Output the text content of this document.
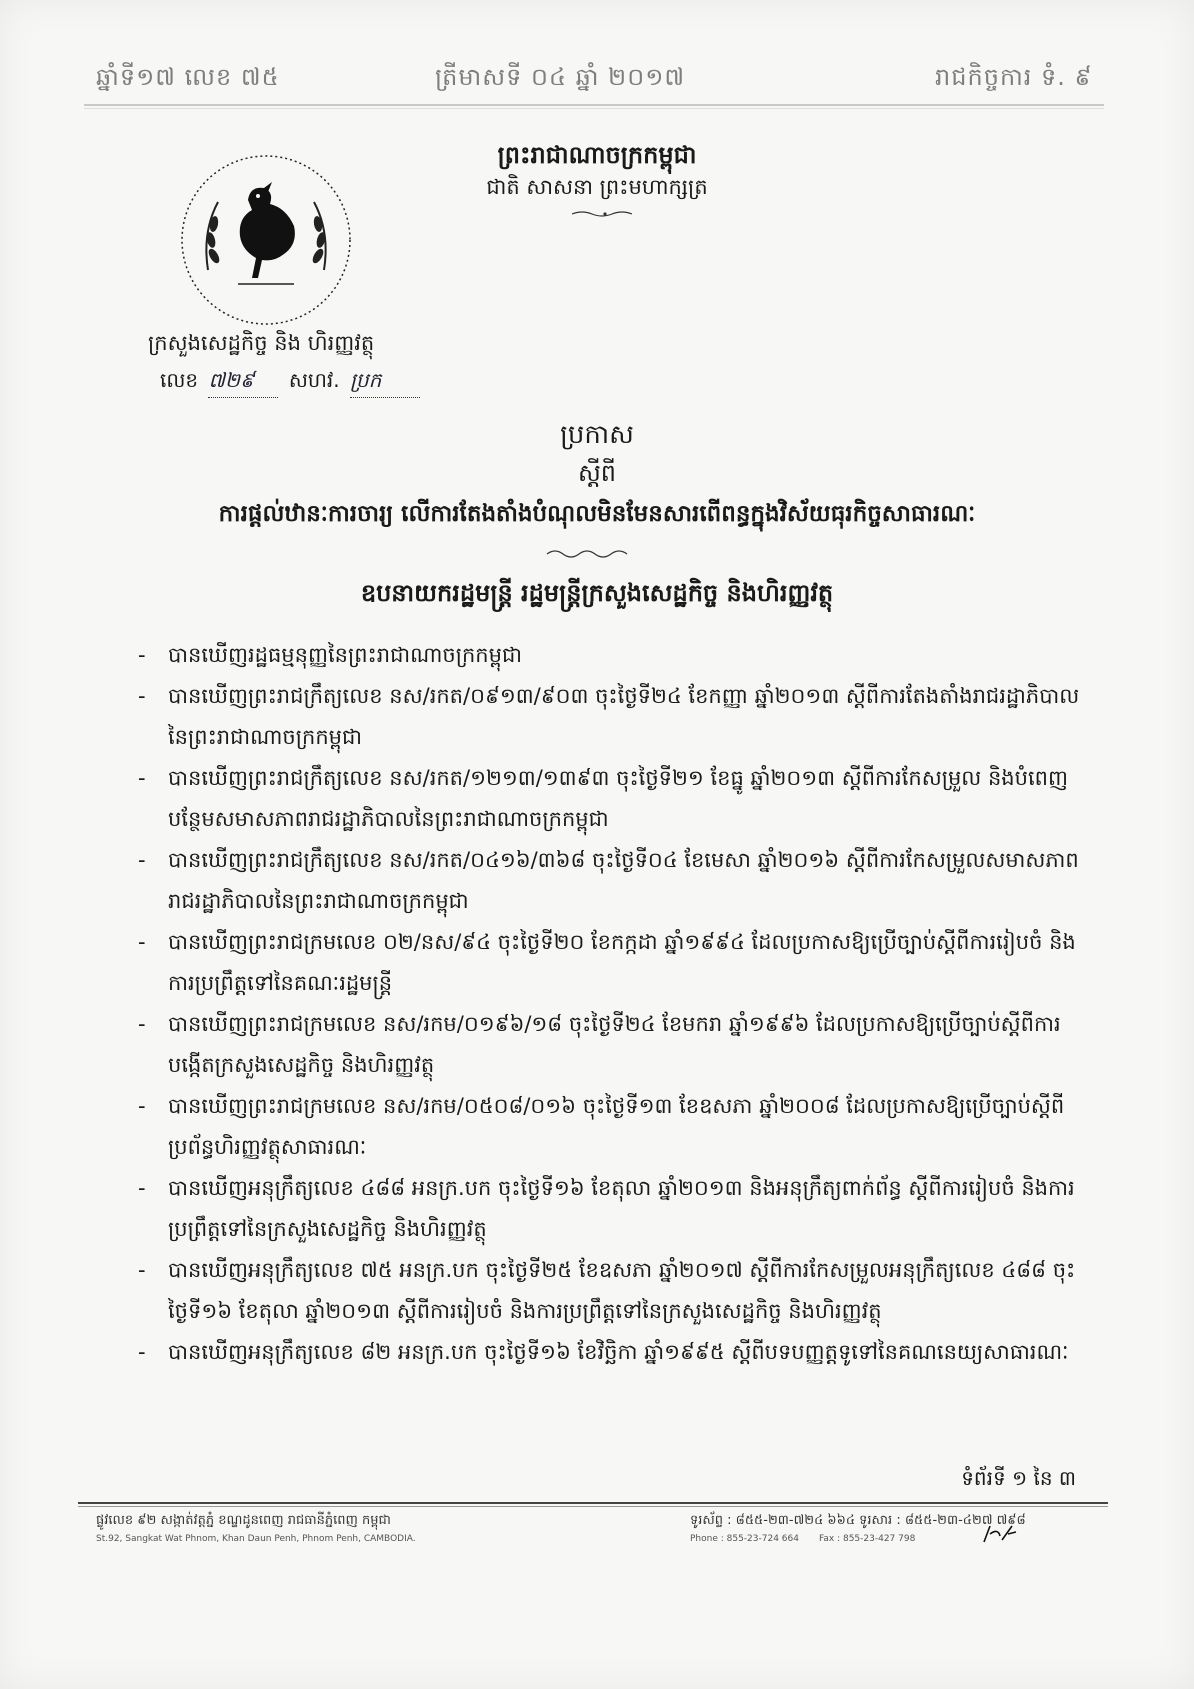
ឆ្នាំទី១៧ លេខ ៧៥	ត្រីមាសទី ០៤ ឆ្នាំ ២០១៧	រាជកិច្ចការ ទំ. ៩
ព្រះរាជាណាចក្រកម្ពុជា
ជាតិ សាសនា ព្រះមហាក្សត្រ
ក្រសួងសេដ្ឋកិច្ច និង ហិរញ្ញវត្ថុ
លេខ ៧២៩ សហវ. ប្រក
ប្រកាស
ស្តីពី
ការផ្តល់ឋានៈការចារ្យ លើការតែងតាំងបំណុលមិនមែនសារពើពន្ធក្នុងវិស័យធុរកិច្ចសាធារណៈ
ឧបនាយករដ្ឋមន្ត្រី រដ្ឋមន្ត្រីក្រសួងសេដ្ឋកិច្ច និងហិរញ្ញវត្ថុ
- បានឃើញរដ្ឋធម្មនុញ្ញនៃព្រះរាជាណាចក្រកម្ពុជា
- បានឃើញព្រះរាជក្រឹត្យលេខ នស/រកត/០៩១៣/៩០៣ ចុះថ្ងៃទី២៤ ខែកញ្ញា ឆ្នាំ២០១៣ ស្តីពីការតែងតាំងរាជរដ្ឋាភិបាលនៃព្រះរាជាណាចក្រកម្ពុជា
- បានឃើញព្រះរាជក្រឹត្យលេខ នស/រកត/១២១៣/១៣៩៣ ចុះថ្ងៃទី២១ ខែធ្នូ ឆ្នាំ២០១៣ ស្តីពីការកែសម្រួល និងបំពេញបន្ថែមសមាសភាពរាជរដ្ឋាភិបាលនៃព្រះរាជាណាចក្រកម្ពុជា
- បានឃើញព្រះរាជក្រឹត្យលេខ នស/រកត/០៤១៦/៣៦៨ ចុះថ្ងៃទី០៤ ខែមេសា ឆ្នាំ២០១៦ ស្តីពីការកែសម្រួលសមាសភាពរាជរដ្ឋាភិបាលនៃព្រះរាជាណាចក្រកម្ពុជា
- បានឃើញព្រះរាជក្រមលេខ ០២/នស/៩៤ ចុះថ្ងៃទី២០ ខែកក្កដា ឆ្នាំ១៩៩៤ ដែលប្រកាសឱ្យប្រើច្បាប់ស្តីពីការរៀបចំ និងការប្រព្រឹត្តទៅនៃគណៈរដ្ឋមន្ត្រី
- បានឃើញព្រះរាជក្រមលេខ នស/រកម/០១៩៦/១៨ ចុះថ្ងៃទី២៤ ខែមករា ឆ្នាំ១៩៩៦ ដែលប្រកាសឱ្យប្រើច្បាប់ស្តីពីការបង្កើតក្រសួងសេដ្ឋកិច្ច និងហិរញ្ញវត្ថុ
- បានឃើញព្រះរាជក្រមលេខ នស/រកម/០៥០៨/០១៦ ចុះថ្ងៃទី១៣ ខែឧសភា ឆ្នាំ២០០៨ ដែលប្រកាសឱ្យប្រើច្បាប់ស្តីពីប្រព័ន្ធហិរញ្ញវត្ថុសាធារណៈ
- បានឃើញអនុក្រឹត្យលេខ ៤៨៨ អនក្រ.បក ចុះថ្ងៃទី១៦ ខែតុលា ឆ្នាំ២០១៣ និងអនុក្រឹត្យពាក់ព័ន្ធ ស្តីពីការរៀបចំ និងការប្រព្រឹត្តទៅនៃក្រសួងសេដ្ឋកិច្ច និងហិរញ្ញវត្ថុ
- បានឃើញអនុក្រឹត្យលេខ ៧៥ អនក្រ.បក ចុះថ្ងៃទី២៥ ខែឧសភា ឆ្នាំ២០១៧ ស្តីពីការកែសម្រួលអនុក្រឹត្យលេខ ៤៨៨ ចុះថ្ងៃទី១៦ ខែតុលា ឆ្នាំ២០១៣ ស្តីពីការរៀបចំ និងការប្រព្រឹត្តទៅនៃក្រសួងសេដ្ឋកិច្ច និងហិរញ្ញវត្ថុ
- បានឃើញអនុក្រឹត្យលេខ ៨២ អនក្រ.បក ចុះថ្ងៃទី១៦ ខែវិច្ឆិកា ឆ្នាំ១៩៩៥ ស្តីពីបទបញ្ញត្តទូទៅនៃគណនេយ្យសាធារណៈ
ទំព័រទី ១ នៃ ៣
ផ្លូវលេខ ៩២ សង្កាត់វត្តភ្នំ ខណ្ឌដូនពេញ រាជធានីភ្នំពេញ កម្ពុជា
St.92, Sangkat Wat Phnom, Khan Daun Penh, Phnom Penh, CAMBODIA.
ទូរស័ព្ទ : ៨៥៥-២៣-៧២៤ ៦៦៤ ទូរសារ : ៨៥៥-២៣-៤២៧ ៧៩៨
Phone : 855-23-724 664 Fax : 855-23-427 798
